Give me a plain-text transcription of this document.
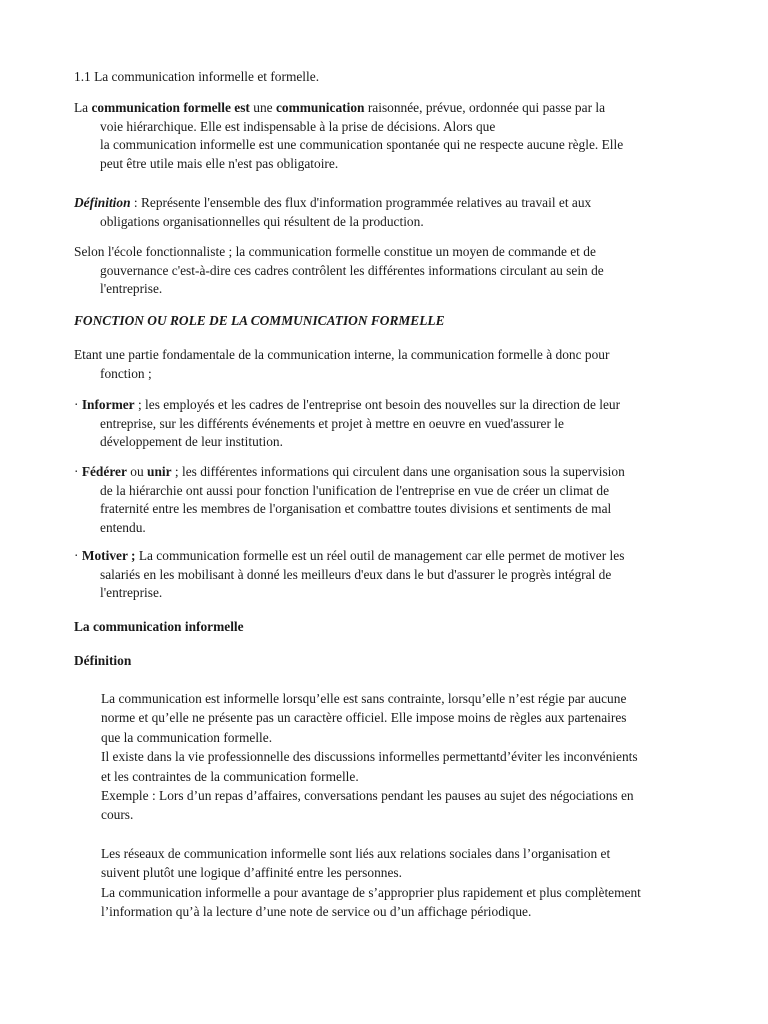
1.1 La communication informelle et formelle.

La communication formelle est une communication raisonnée, prévue, ordonnée qui passe par la
voie hiérarchique. Elle est indispensable à la prise de décisions. Alors que
la communication informelle est une communication spontanée qui ne respecte aucune règle. Elle
peut être utile mais elle n'est pas obligatoire.

Définition : Représente l'ensemble des flux d'information programmée relatives au travail et aux
obligations organisationnelles qui résultent de la production.

Selon l'école fonctionnaliste ; la communication formelle constitue un moyen de commande et de
gouvernance c'est-à-dire ces cadres contrôlent les différentes informations circulant au sein de
l'entreprise.

FONCTION OU ROLE DE LA COMMUNICATION FORMELLE

Etant une partie fondamentale de la communication interne, la communication formelle à donc pour
fonction ;

· Informer ; les employés et les cadres de l'entreprise ont besoin des nouvelles sur la direction de leur
entreprise, sur les différents événements et projet à mettre en oeuvre en vued'assurer le
développement de leur institution.

· Fédérer ou unir ; les différentes informations qui circulent dans une organisation sous la supervision
de la hiérarchie ont aussi pour fonction l'unification de l'entreprise en vue de créer un climat de
fraternité entre les membres de l'organisation et combattre toutes divisions et sentiments de mal
entendu.

· Motiver ; La communication formelle est un réel outil de management car elle permet de motiver les
salariés en les mobilisant à donné les meilleurs d'eux dans le but d'assurer le progrès intégral de
l'entreprise.

La communication informelle

Définition

La communication est informelle lorsqu’elle est sans contrainte, lorsqu’elle n’est régie par aucune
norme et qu’elle ne présente pas un caractère officiel. Elle impose moins de règles aux partenaires
que la communication formelle.
Il existe dans la vie professionnelle des discussions informelles permettantd’éviter les inconvénients
et les contraintes de la communication formelle.
Exemple : Lors d’un repas d’affaires, conversations pendant les pauses au sujet des négociations en
cours.

Les réseaux de communication informelle sont liés aux relations sociales dans l’organisation et
suivent plutôt une logique d’affinité entre les personnes.
La communication informelle a pour avantage de s’approprier plus rapidement et plus complètement
l’information qu’à la lecture d’une note de service ou d’un affichage périodique.
